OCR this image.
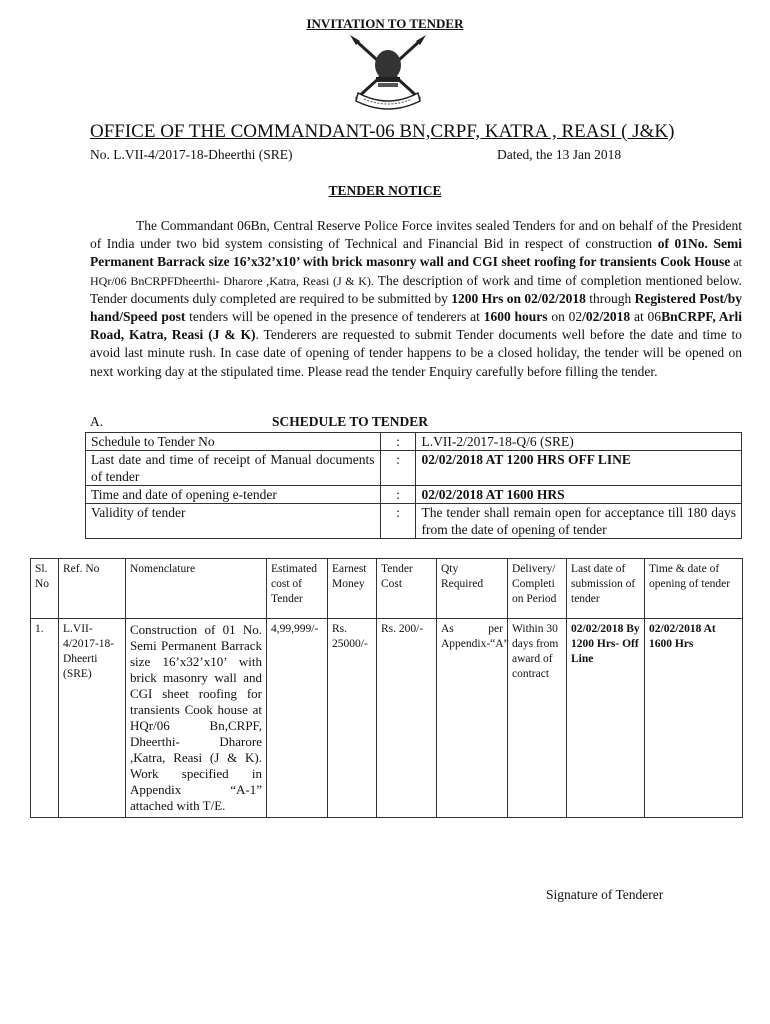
INVITATION TO TENDER
OFFICE OF THE COMMANDANT-06 BN,CRPF, KATRA , REASI ( J&K)
No. L.VII-4/2017-18-Dheerthi (SRE)	Dated, the 13 Jan 2018
TENDER NOTICE
The Commandant 06Bn, Central Reserve Police Force invites sealed Tenders for and on behalf of the President of India under two bid system consisting of Technical and Financial Bid in respect of construction of 01No. Semi Permanent Barrack size 16’x32’x10’ with brick masonry wall and CGI sheet roofing for transients Cook House at HQr/06 BnCRPFDheerthi- Dharore ,Katra, Reasi (J & K). The description of work and time of completion mentioned below. Tender documents duly completed are required to be submitted by 1200 Hrs on 02/02/2018 through Registered Post/by hand/Speed post tenders will be opened in the presence of tenderers at 1600 hours on 02/02/2018 at 06BnCRPF, Arli Road, Katra, Reasi (J & K). Tenderers are requested to submit Tender documents well before the date and time to avoid last minute rush. In case date of opening of tender happens to be a closed holiday, the tender will be opened on next working day at the stipulated time. Please read the tender Enquiry carefully before filling the tender.
A.	SCHEDULE TO TENDER
Schedule to Tender No	:	L.VII-2/2017-18-Q/6 (SRE)
Last date and time of receipt of Manual documents of tender	:	02/02/2018 AT 1200 HRS OFF LINE
Time and date of opening e-tender	:	02/02/2018 AT 1600 HRS
Validity of tender	:	The tender shall remain open for acceptance till 180 days from the date of opening of tender
Sl. No	Ref. No	Nomenclature	Estimated cost of Tender	Earnest Money	Tender Cost	Qty Required	Delivery/ Completi on Period	Last date of submission of tender	Time & date of opening of tender
1.	L.VII-4/2017-18-Dheerti (SRE)	Construction of 01 No. Semi Permanent Barrack size 16’x32’x10’ with brick masonry wall and CGI sheet roofing for transients Cook house at HQr/06 Bn,CRPF, Dheerthi- Dharore ,Katra, Reasi (J & K). Work specified in Appendix “A-1” attached with T/E.	4,99,999/-	Rs. 25000/-	Rs. 200/-	As per Appendix-“A”	Within 30 days from award of contract	02/02/2018 By 1200 Hrs- Off Line	02/02/2018 At 1600 Hrs
Signature of Tenderer
